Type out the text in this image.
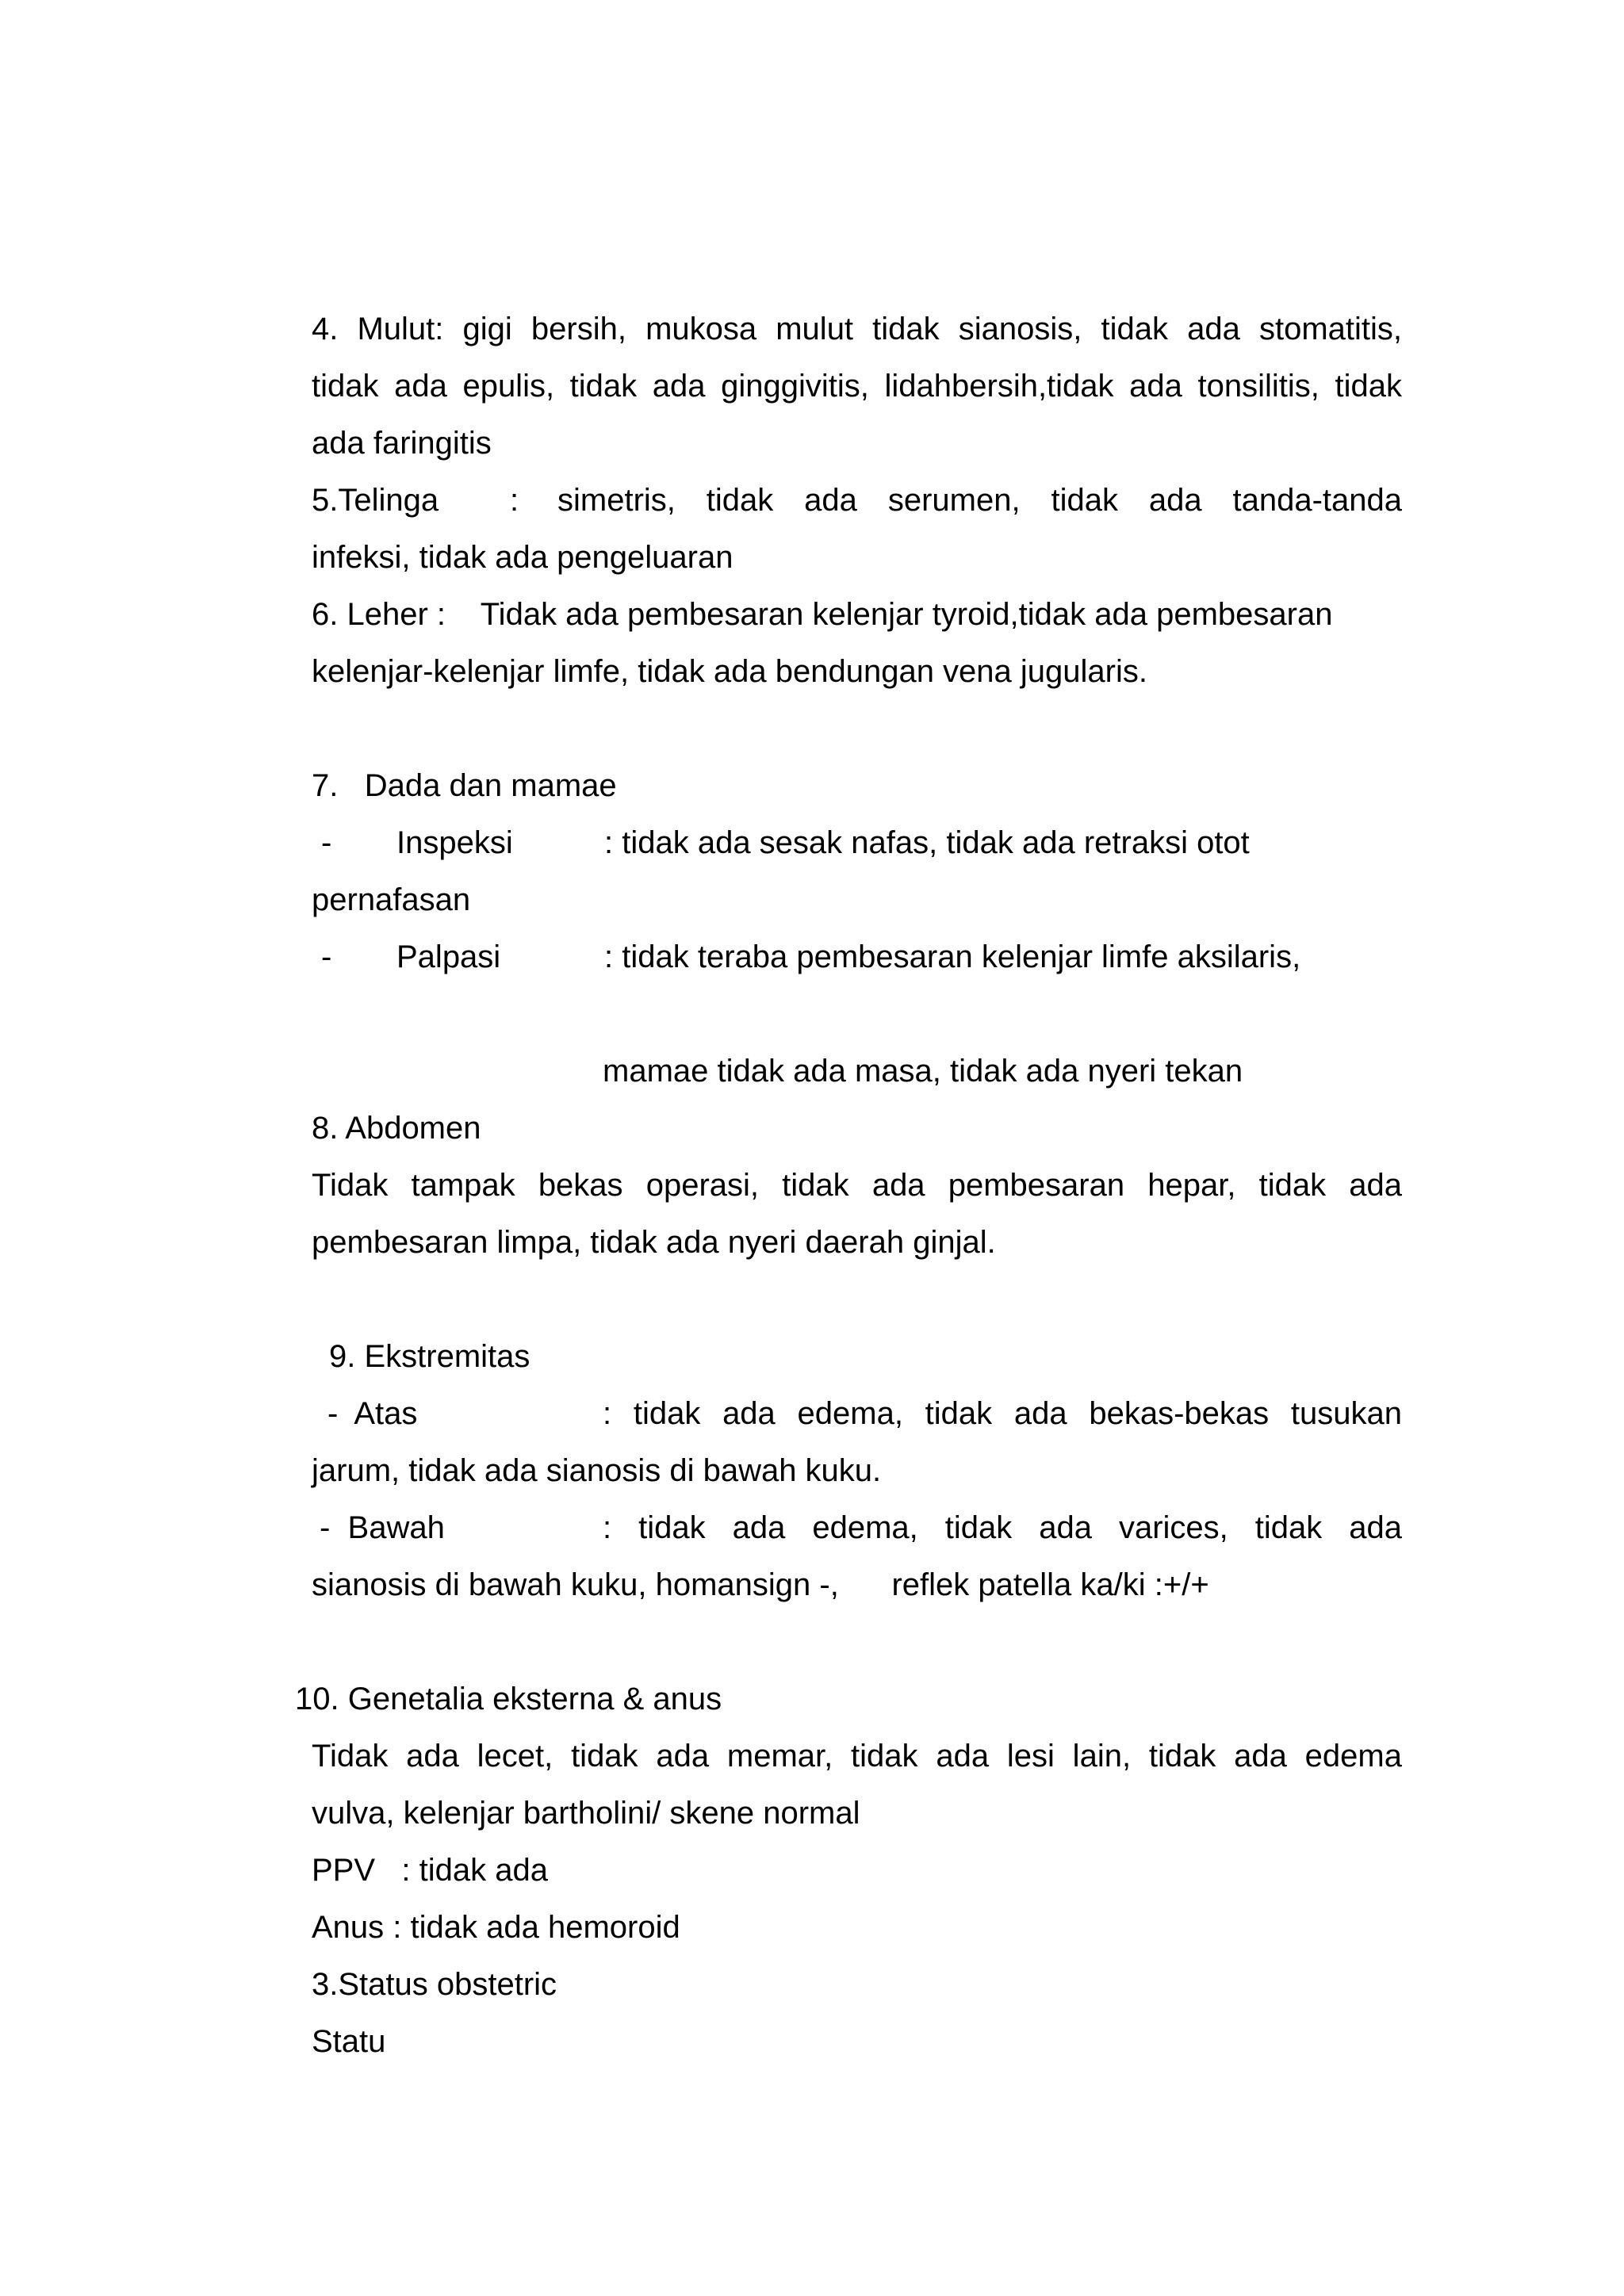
4. Mulut: gigi bersih, mukosa mulut tidak sianosis, tidak ada stomatitis,
tidak ada epulis, tidak ada ginggivitis, lidahbersih,tidak ada tonsilitis, tidak
ada faringitis
5.Telinga : simetris, tidak ada serumen, tidak ada tanda-tanda
infeksi, tidak ada pengeluaran
6. Leher :    Tidak ada pembesaran kelenjar tyroid,tidak ada pembesaran
kelenjar-kelenjar limfe, tidak ada bendungan vena jugularis.
7.   Dada dan mamae
- Inspeksi	: tidak ada sesak nafas, tidak ada retraksi otot
pernafasan
- Palpasi	: tidak teraba pembesaran kelenjar limfe aksilaris,
mamae tidak ada masa, tidak ada nyeri tekan
8. Abdomen
Tidak tampak bekas operasi, tidak ada pembesaran hepar, tidak ada
pembesaran limpa, tidak ada nyeri daerah ginjal.
9. Ekstremitas
-  Atas	: tidak ada edema, tidak ada bekas-bekas tusukan
jarum, tidak ada sianosis di bawah kuku.
-  Bawah	: tidak ada edema, tidak ada varices, tidak ada
sianosis di bawah kuku, homansign -,      reflek patella ka/ki :+/+
10. Genetalia eksterna & anus
Tidak ada lecet, tidak ada memar, tidak ada lesi lain, tidak ada edema
vulva, kelenjar bartholini/ skene normal
PPV   : tidak ada
Anus : tidak ada hemoroid
3.Status obstetric
Statu
